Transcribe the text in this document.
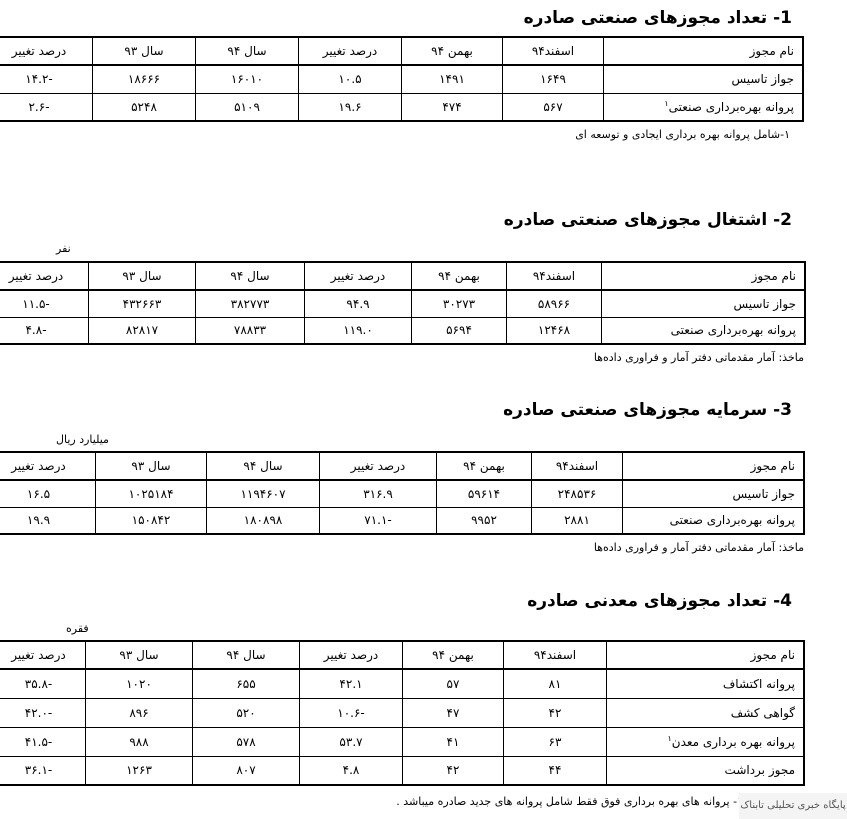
1- تعداد مجوزهای صنعتی صادره
نام مجوز	اسفند۹۴	بهمن ۹۴	درصد تغییر	سال ۹۴	سال ۹۳	درصد تغییر
جواز تاسیس	۱۶۴۹	۱۴۹۱	۱۰.۵	۱۶۰۱۰	۱۸۶۶۶	-۱۴.۲
پروانه بهره‌برداری صنعتی$^۱$	۵۶۷	۴۷۴	۱۹.۶	۵۱۰۹	۵۲۴۸	-۲.۶
۱-شامل پروانه بهره برداری ایجادی و توسعه ای
2- اشتغال مجوزهای صنعتی صادره
نفر
نام مجوز	اسفند۹۴	بهمن ۹۴	درصد تغییر	سال ۹۴	سال ۹۳	درصد تغییر
جواز تاسیس	۵۸۹۶۶	۳۰۲۷۳	۹۴.۹	۳۸۲۷۷۳	۴۳۲۶۶۳	-۱۱.۵
پروانه بهره‌برداری صنعتی	۱۲۴۶۸	۵۶۹۴	۱۱۹.۰	۷۸۸۳۳	۸۲۸۱۷	-۴.۸
ماخذ: آمار مقدماتی دفتر آمار و فراوری داده‌ها
3- سرمایه مجوزهای صنعتی صادره
میلیارد ریال
نام مجوز	اسفند۹۴	بهمن ۹۴	درصد تغییر	سال ۹۴	سال ۹۳	درصد تغییر
جواز تاسیس	۲۴۸۵۳۶	۵۹۶۱۴	۳۱۶.۹	۱۱۹۴۶۰۷	۱۰۲۵۱۸۴	۱۶.۵
پروانه بهره‌برداری صنعتی	۲۸۸۱	۹۹۵۲	-۷۱.۱	۱۸۰۸۹۸	۱۵۰۸۴۲	۱۹.۹
ماخذ: آمار مقدماتی دفتر آمار و فراوری داده‌ها
4- تعداد مجوزهای معدنی صادره
فقره
نام مجوز	اسفند۹۴	بهمن ۹۴	درصد تغییر	سال ۹۴	سال ۹۳	درصد تغییر
پروانه اکتشاف	۸۱	۵۷	۴۲.۱	۶۵۵	۱۰۲۰	-۳۵.۸
گواهی کشف	۴۲	۴۷	-۱۰.۶	۵۲۰	۸۹۶	-۴۲.۰
پروانه بهره برداری معدن$^۱$	۶۳	۴۱	۵۳.۷	۵۷۸	۹۸۸	-۴۱.۵
مجوز برداشت	۴۴	۴۲	۴.۸	۸۰۷	۱۲۶۳	-۳۶.۱
- پروانه های بهره برداری فوق فقط شامل پروانه های جدید صادره میباشد .	پایگاه خبری تحلیلی تابناک
